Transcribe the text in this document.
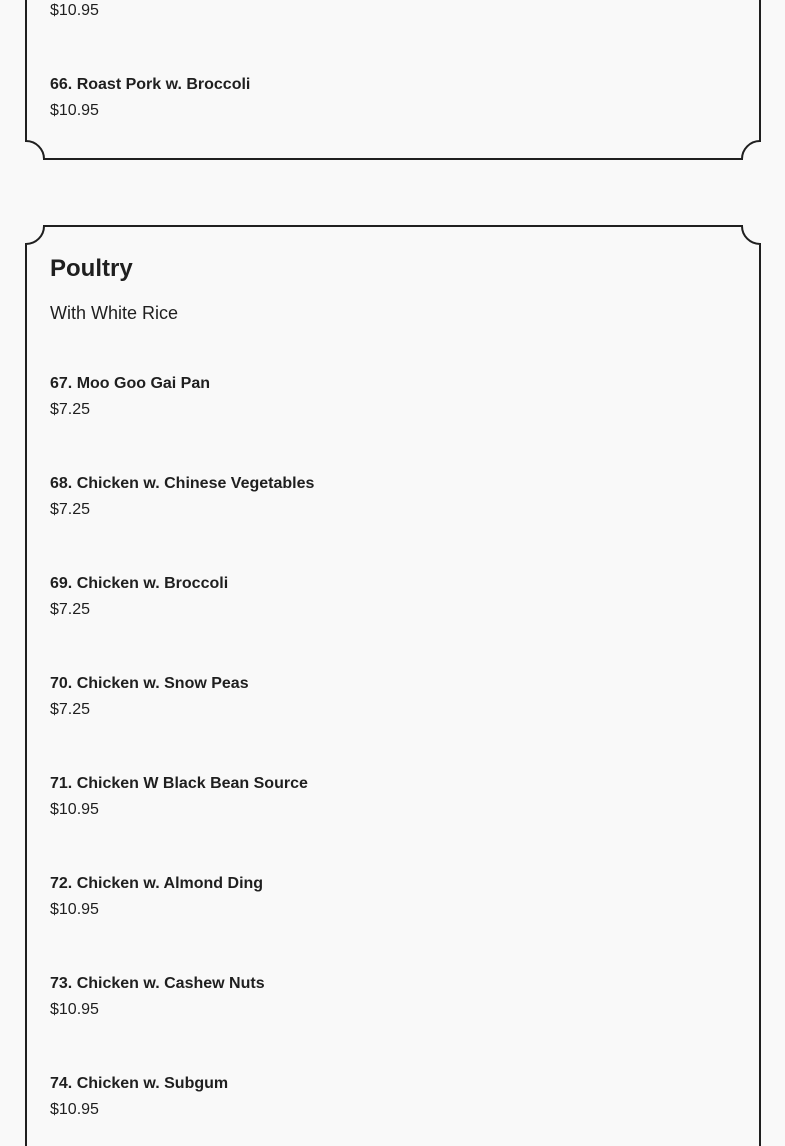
$10.95
66. Roast Pork w. Broccoli
$10.95
Poultry
With White Rice
67. Moo Goo Gai Pan
$7.25
68. Chicken w. Chinese Vegetables
$7.25
69. Chicken w. Broccoli
$7.25
70. Chicken w. Snow Peas
$7.25
71. Chicken W Black Bean Source
$10.95
72. Chicken w. Almond Ding
$10.95
73. Chicken w. Cashew Nuts
$10.95
74. Chicken w. Subgum
$10.95
